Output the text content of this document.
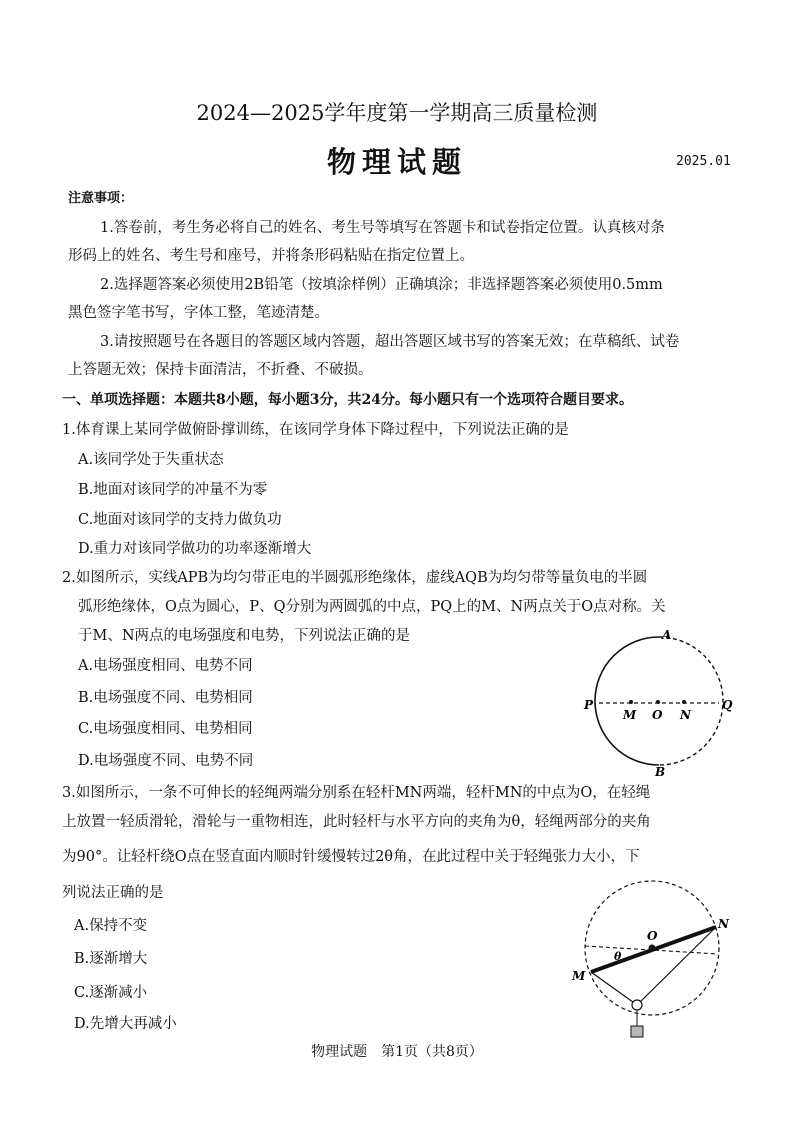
2024—2025学年度第一学期高三质量检测
物理试题	2025.01
注意事项：
1.答卷前，考生务必将自己的姓名、考生号等填写在答题卡和试卷指定位置。认真核对条
形码上的姓名、考生号和座号，并将条形码粘贴在指定位置上。
2.选择题答案必须使用2B铅笔（按填涂样例）正确填涂；非选择题答案必须使用0.5mm
黑色签字笔书写，字体工整，笔迹清楚。
3.请按照题号在各题目的答题区域内答题，超出答题区域书写的答案无效；在草稿纸、试卷
上答题无效；保持卡面清洁，不折叠、不破损。
一、单项选择题：本题共8小题，每小题3分，共24分。每小题只有一个选项符合题目要求。
1.体育课上某同学做俯卧撑训练，在该同学身体下降过程中，下列说法正确的是
A.该同学处于失重状态
B.地面对该同学的冲量不为零
C.地面对该同学的支持力做负功
D.重力对该同学做功的功率逐渐增大
2.如图所示，实线APB为均匀带正电的半圆弧形绝缘体，虚线AQB为均匀带等量负电的半圆
弧形绝缘体，O点为圆心，P、Q分别为两圆弧的中点，PQ上的M、N两点关于O点对称。关
于M、N两点的电场强度和电势，下列说法正确的是
A.电场强度相同、电势不同
B.电场强度不同、电势相同
C.电场强度相同、电势相同
D.电场强度不同、电势不同
A
B
P	Q
M O N
3.如图所示，一条不可伸长的轻绳两端分别系在轻杆MN两端，轻杆MN的中点为O，在轻绳
上放置一轻质滑轮，滑轮与一重物相连，此时轻杆与水平方向的夹角为θ，轻绳两部分的夹角
为90°。让轻杆绕O点在竖直面内顺时针缓慢转过2θ角，在此过程中关于轻绳张力大小，下
列说法正确的是
A.保持不变
B.逐渐增大
C.逐渐减小
D.先增大再减小
M
O
N
θ
物理试题　第1页（共8页）
